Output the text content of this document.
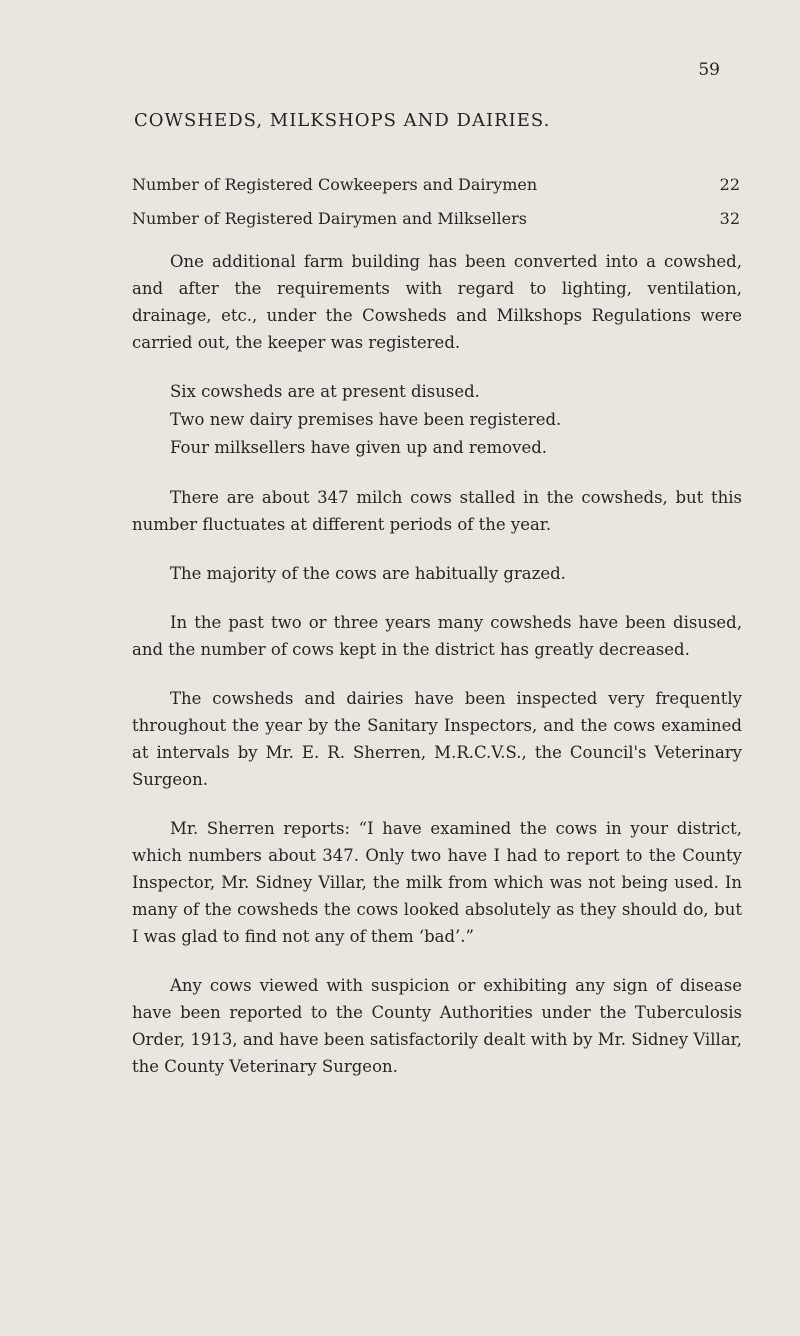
59
COWSHEDS, MILKSHOPS AND DAIRIES.
Number of Registered Cowkeepers and Dairymen	22
Number of Registered Dairymen and Milksellers	32

One additional farm building has been converted into a cowshed, and after the requirements with regard to lighting, ventilation, drainage, etc., under the Cowsheds and Milkshops Regulations were carried out, the keeper was registered.

Six cowsheds are at present disused.

Two new dairy premises have been registered.

Four milksellers have given up and removed.

There are about 347 milch cows stalled in the cowsheds, but this number fluctuates at different periods of the year.

The majority of the cows are habitually grazed.

In the past two or three years many cowsheds have been disused, and the number of cows kept in the district has greatly decreased.

The cowsheds and dairies have been inspected very frequently throughout the year by the Sanitary Inspectors, and the cows examined at intervals by Mr. E. R. Sherren, M.R.C.V.S., the Council's Veterinary Surgeon.

Mr. Sherren reports: “I have examined the cows in your district, which numbers about 347. Only two have I had to report to the County Inspector, Mr. Sidney Villar, the milk from which was not being used. In many of the cowsheds the cows looked absolutely as they should do, but I was glad to find not any of them ‘bad’.”

Any cows viewed with suspicion or exhibiting any sign of disease have been reported to the County Authorities under the Tuberculosis Order, 1913, and have been satisfactorily dealt with by Mr. Sidney Villar, the County Veterinary Surgeon.
